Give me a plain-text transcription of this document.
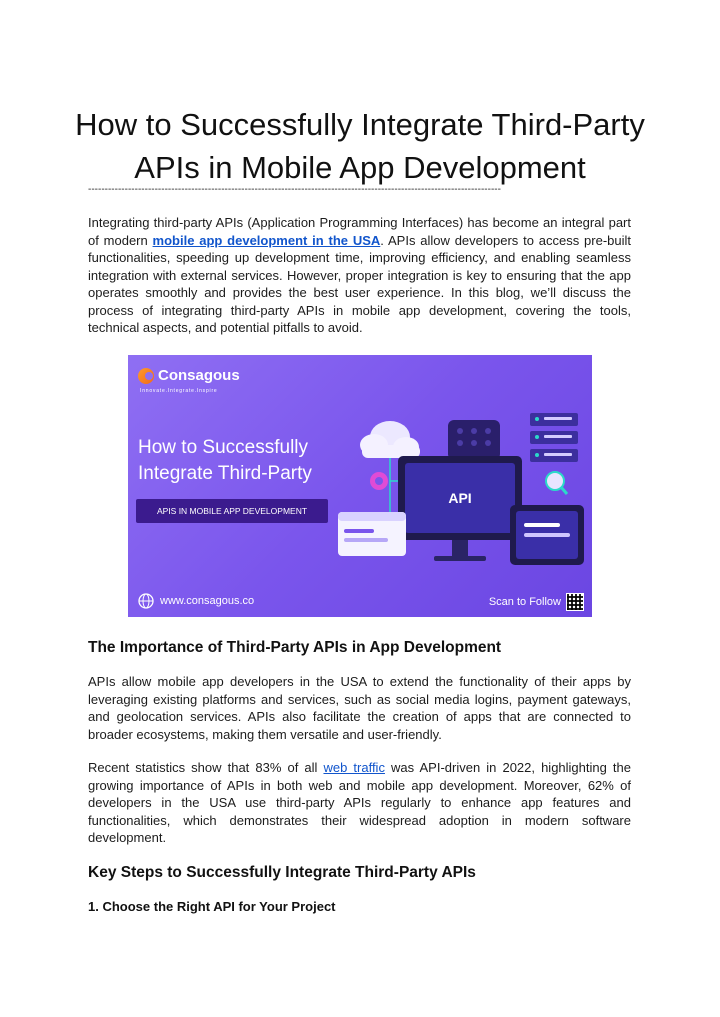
How to Successfully Integrate Third-Party APIs in Mobile App Development
----------------------------------------------------------------------------------------------------------------------------

Integrating third-party APIs (Application Programming Interfaces) has become an integral part of modern mobile app development in the USA. APIs allow developers to access pre-built functionalities, speeding up development time, improving efficiency, and enabling seamless integration with external services. However, proper integration is key to ensuring that the app operates smoothly and provides the best user experience. In this blog, we’ll discuss the process of integrating third-party APIs in mobile app development, covering the tools, technical aspects, and potential pitfalls to avoid.

Consagous
Innovate.Integrate.Inspire
How to Successfully
Integrate Third-Party
APIS IN MOBILE APP DEVELOPMENT
API
www.consagous.co	Scan to Follow
The Importance of Third-Party APIs in App Development

APIs allow mobile app developers in the USA to extend the functionality of their apps by leveraging existing platforms and services, such as social media logins, payment gateways, and geolocation services. APIs also facilitate the creation of apps that are connected to broader ecosystems, making them versatile and user-friendly.

Recent statistics show that 83% of all web traffic was API-driven in 2022, highlighting the growing importance of APIs in both web and mobile app development. Moreover, 62% of developers in the USA use third-party APIs regularly to enhance app features and functionalities, which demonstrates their widespread adoption in modern software development.

Key Steps to Successfully Integrate Third-Party APIs
1. Choose the Right API for Your Project
